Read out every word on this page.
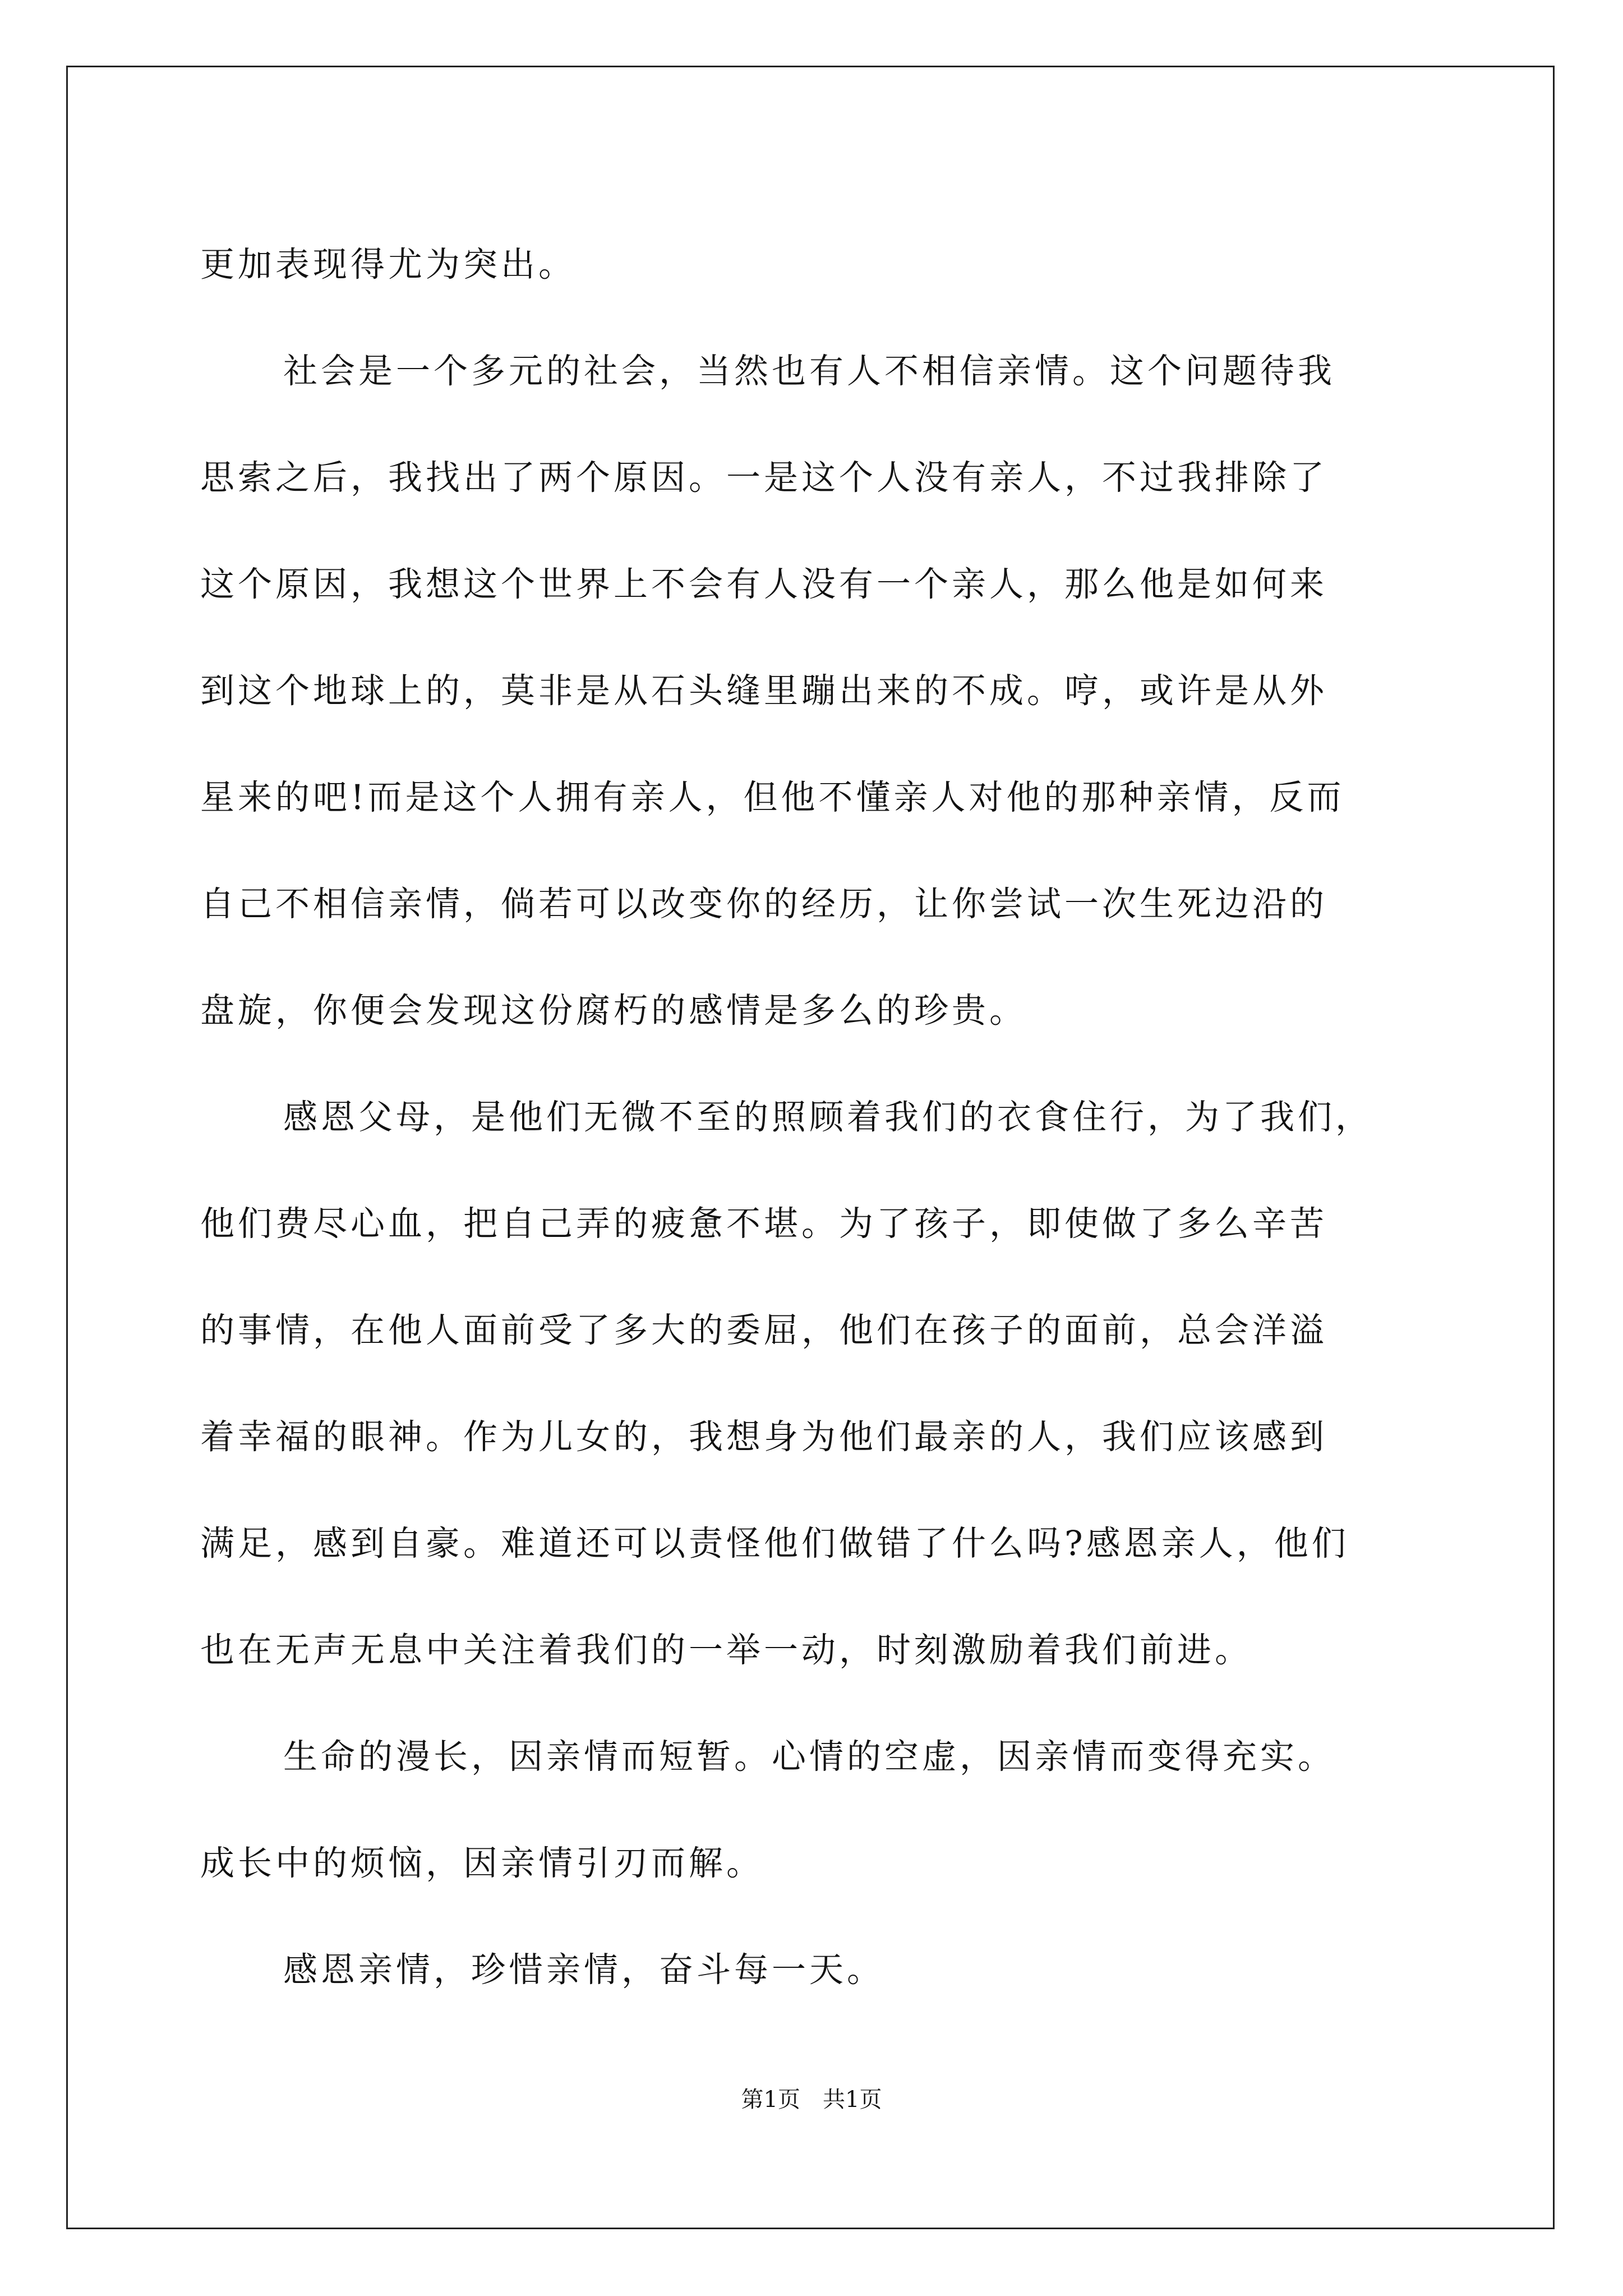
更加表现得尤为突出。
社会是一个多元的社会，当然也有人不相信亲情。这个问题待我
思索之后，我找出了两个原因。一是这个人没有亲人，不过我排除了
这个原因，我想这个世界上不会有人没有一个亲人，那么他是如何来
到这个地球上的，莫非是从石头缝里蹦出来的不成。哼，或许是从外
星来的吧!而是这个人拥有亲人，但他不懂亲人对他的那种亲情，反而
自己不相信亲情，倘若可以改变你的经历，让你尝试一次生死边沿的
盘旋，你便会发现这份腐朽的感情是多么的珍贵。
感恩父母，是他们无微不至的照顾着我们的衣食住行，为了我们，
他们费尽心血，把自己弄的疲惫不堪。为了孩子，即使做了多么辛苦
的事情，在他人面前受了多大的委屈，他们在孩子的面前，总会洋溢
着幸福的眼神。作为儿女的，我想身为他们最亲的人，我们应该感到
满足，感到自豪。难道还可以责怪他们做错了什么吗?感恩亲人，他们
也在无声无息中关注着我们的一举一动，时刻激励着我们前进。
生命的漫长，因亲情而短暂。心情的空虚，因亲情而变得充实。
成长中的烦恼，因亲情引刃而解。
感恩亲情，珍惜亲情，奋斗每一天。
第1页 共1页
